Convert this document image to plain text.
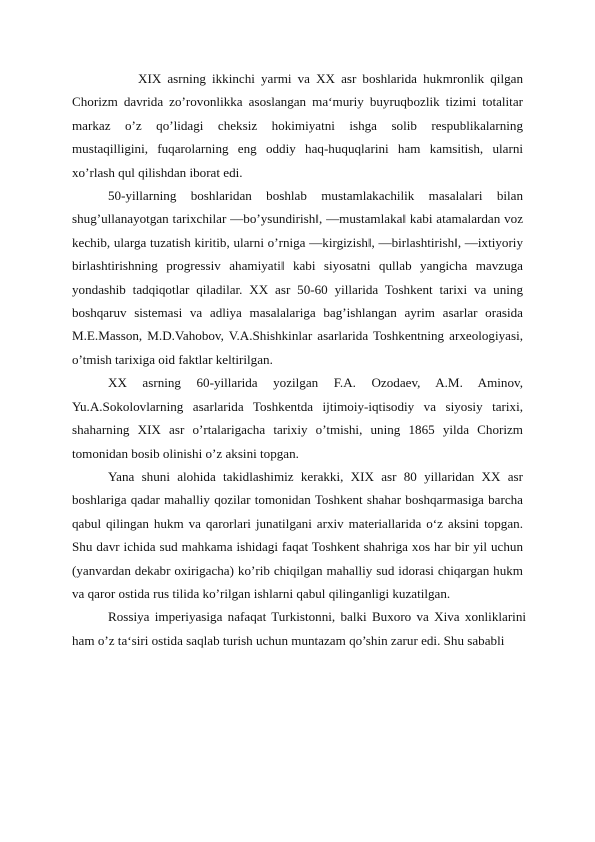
XIX asrning ikkinchi yarmi va XX asr boshlarida hukmronlik qilgan Chorizm davrida zo’rovonlikka asoslangan ma‘muriy buyruqbozlik tizimi totalitar markaz o’z qo’lidagi cheksiz hokimiyatni ishga solib respublikalarning mustaqilligini, fuqarolarning eng oddiy haq-huquqlarini ham kamsitish, ularni xo’rlash qul qilishdan iborat edi.

50-yillarning boshlaridan boshlab mustamlakachilik masalalari bilan shug’ullanayotgan tarixchilar ―bo’ysundirish‖, ―mustamlaka‖ kabi atamalardan voz kechib, ularga tuzatish kiritib, ularni o’rniga ―kirgizish‖, ―birlashtirish‖, ―ixtiyoriy birlashtirishning progressiv ahamiyati‖ kabi siyosatni qullab yangicha mavzuga yondashib tadqiqotlar qiladilar. XX asr 50-60 yillarida Toshkent tarixi va uning boshqaruv sistemasi va adliya masalalariga bag’ishlangan ayrim asarlar orasida M.E.Masson, M.D.Vahobov, V.A.Shishkinlar asarlarida Toshkentning arxeologiyasi, o’tmish tarixiga oid faktlar keltirilgan.

XX asrning 60-yillarida yozilgan F.A. Ozodaev, A.M. Aminov, Yu.A.Sokolovlarning asarlarida Toshkentda ijtimoiy-iqtisodiy va siyosiy tarixi, shaharning XIX asr o’rtalarigacha tarixiy o’tmishi, uning 1865 yilda Chorizm tomonidan bosib olinishi o’z aksini topgan.

Yana shuni alohida takidlashimiz kerakki, XIX asr 80 yillaridan XX asr boshlariga qadar mahalliy qozilar tomonidan Toshkent shahar boshqarmasiga barcha qabul qilingan hukm va qarorlari junatilgani arxiv materiallarida o‘z aksini topgan. Shu davr ichida sud mahkama ishidagi faqat Toshkent shahriga xos har bir yil uchun (yanvardan dekabr oxirigacha) ko’rib chiqilgan mahalliy sud idorasi chiqargan hukm va qaror ostida rus tilida ko’rilgan ishlarni qabul qilinganligi kuzatilgan.

Rossiya imperiyasiga nafaqat Turkistonni, balki Buxoro va Xiva xonliklarini ham o’z ta‘siri ostida saqlab turish uchun muntazam qo’shin zarur edi. Shu sababli
